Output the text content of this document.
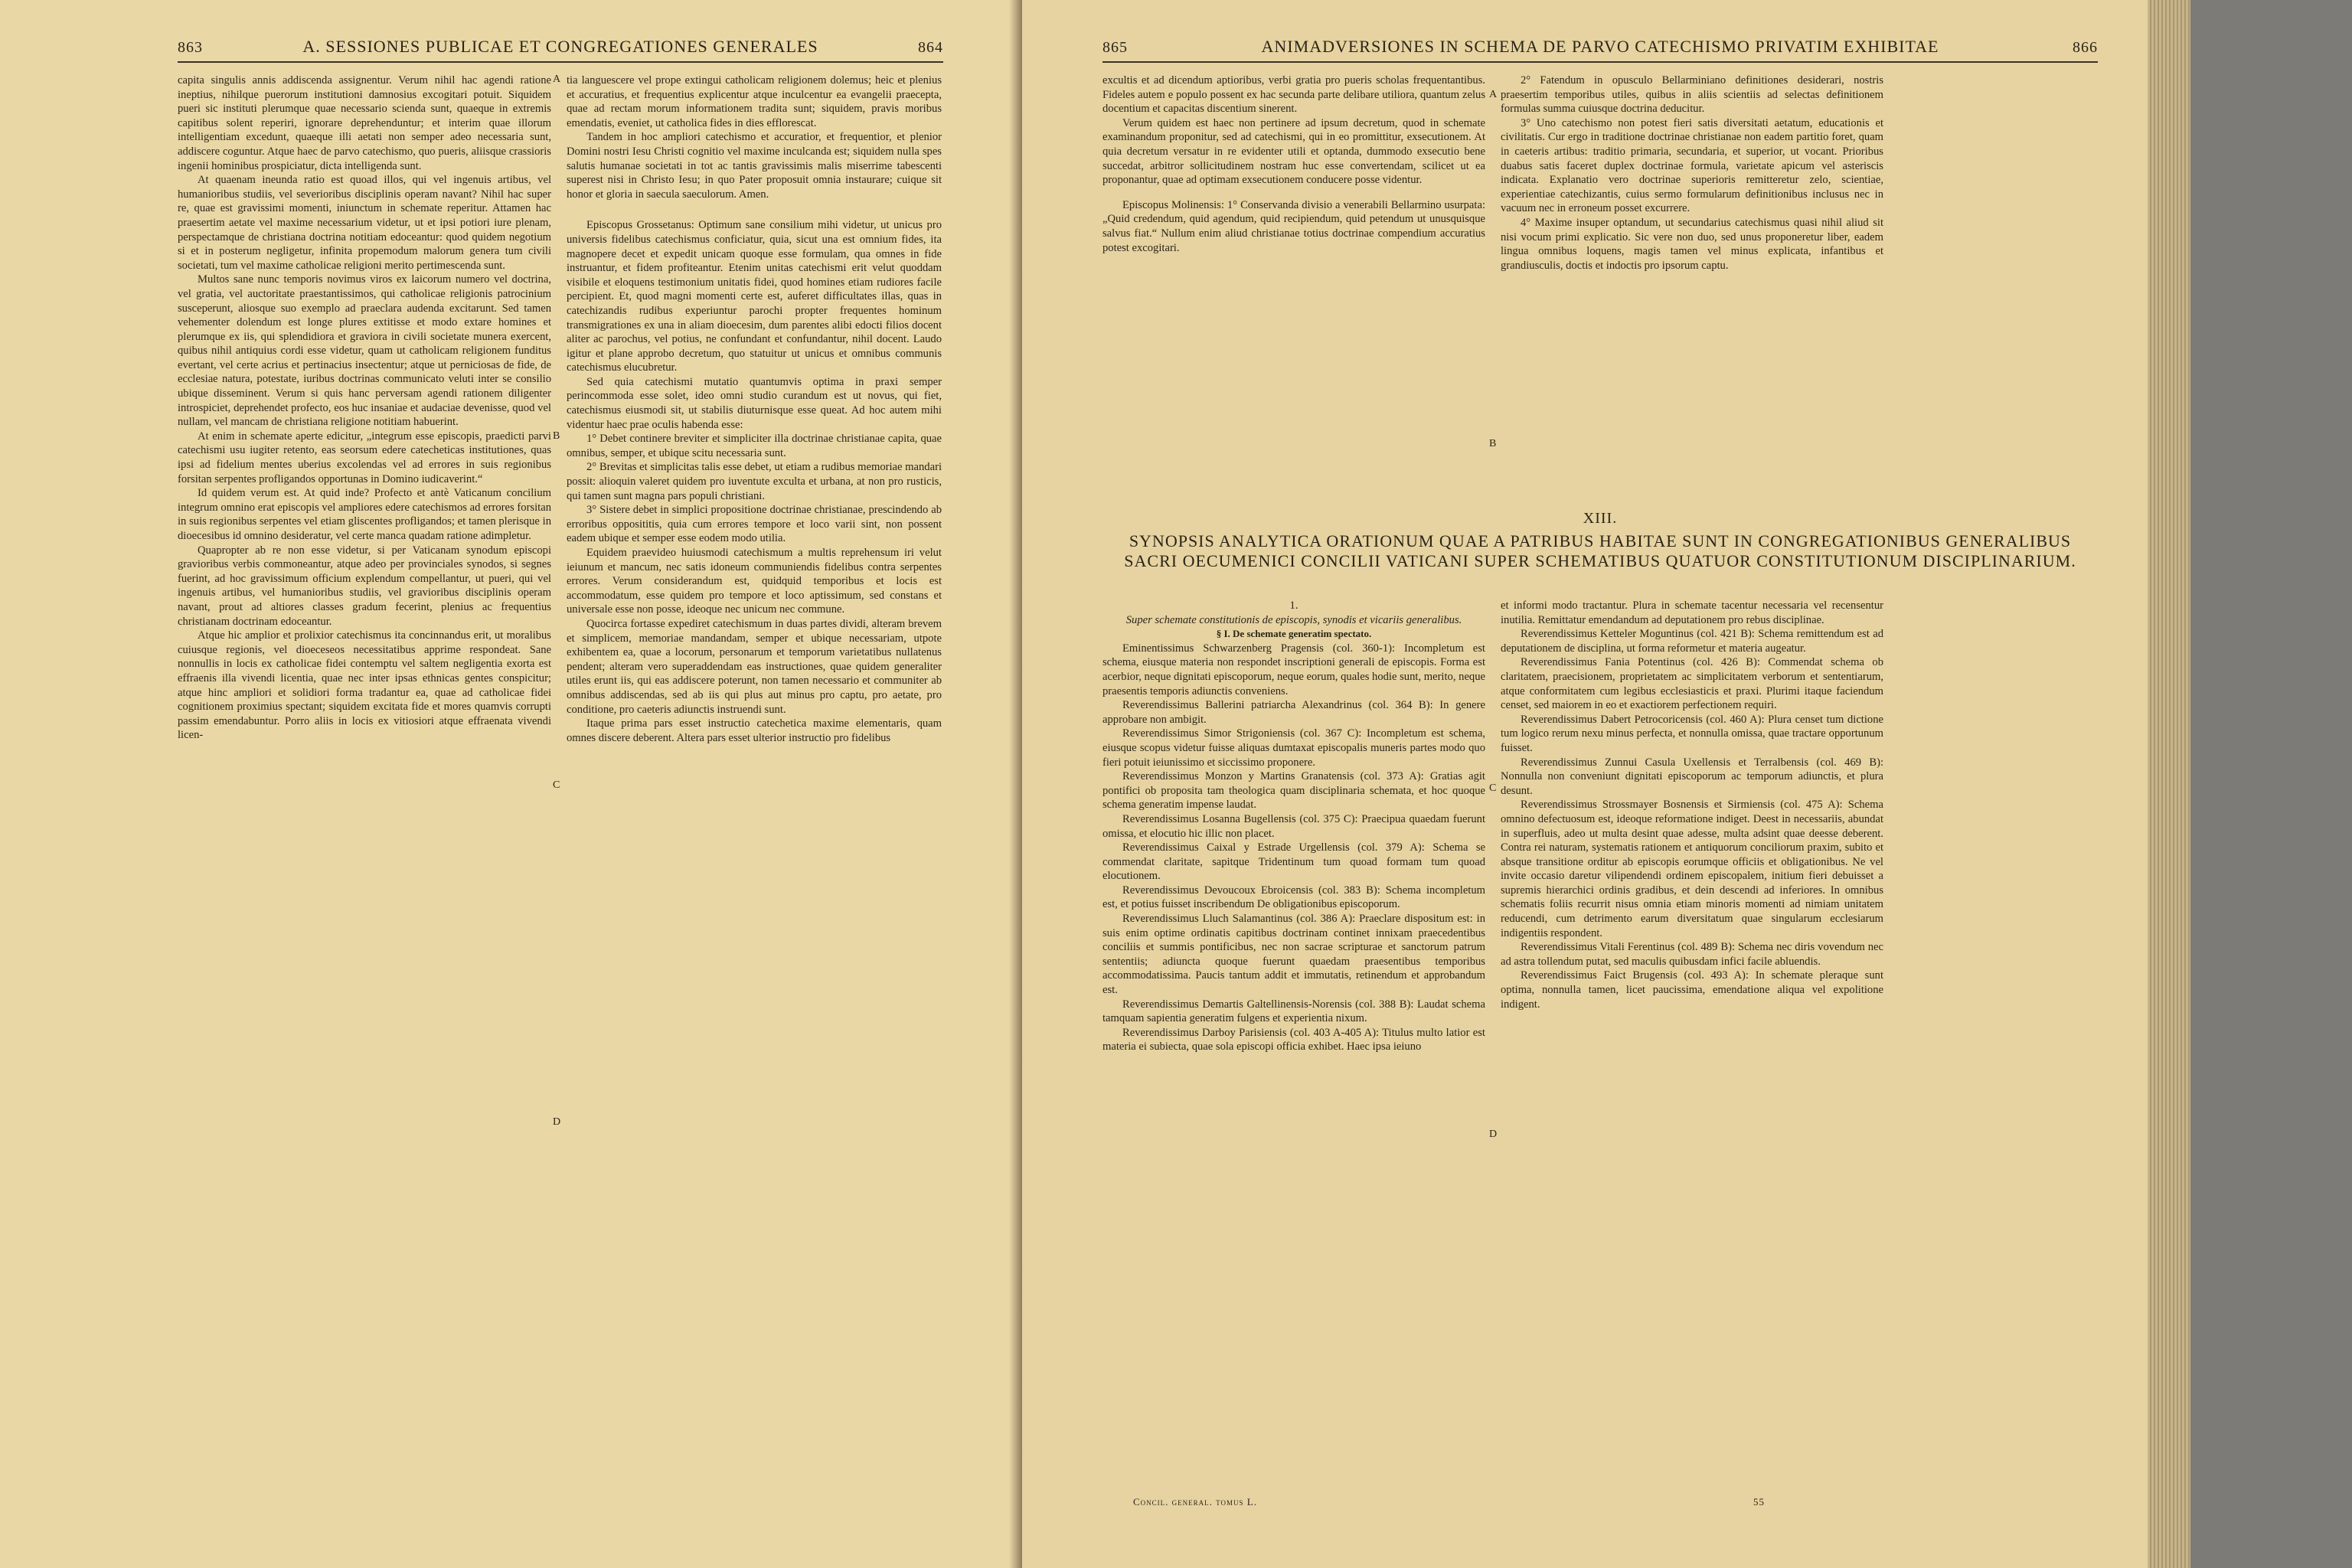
863	A. SESSIONES PUBLICAE ET CONGREGATIONES GENERALES	864

capita singulis annis addiscenda assignentur. Verum nihil hac agendi ratione ineptius, nihilque puerorum institutioni damnosius excogitari potuit. Siquidem pueri sic instituti plerumque quae necessario scienda sunt, quaeque in extremis capitibus solent reperiri, ignorare deprehenduntur; et interim quae illorum intelligentiam excedunt, quaeque illi aetati non semper adeo necessaria sunt, addiscere coguntur. Atque haec de parvo catechismo, quo pueris, aliisque crassioris ingenii hominibus prospiciatur, dicta intelligenda sunt.

At quaenam ineunda ratio est quoad illos, qui vel ingenuis artibus, vel humanioribus studiis, vel severioribus disciplinis operam navant? Nihil hac super re, quae est gravissimi momenti, iniunctum in schemate reperitur. Attamen hac praesertim aetate vel maxime necessarium videtur, ut et ipsi potiori iure plenam, perspectamque de christiana doctrina notitiam edoceantur: quod quidem negotium si et in posterum negligetur, infinita propemodum malorum genera tum civili societati, tum vel maxime catholicae religioni merito pertimescenda sunt.

Multos sane nunc temporis novimus viros ex laicorum numero vel doctrina, vel gratia, vel auctoritate praestantissimos, qui catholicae religionis patrocinium susceperunt, aliosque suo exemplo ad praeclara audenda excitarunt. Sed tamen vehementer dolendum est longe plures extitisse et modo extare homines et plerumque ex iis, qui splendidiora et graviora in civili societate munera exercent, quibus nihil antiquius cordi esse videtur, quam ut catholicam religionem funditus evertant, vel certe acrius et pertinacius insectentur; atque ut perniciosas de fide, de ecclesiae natura, potestate, iuribus doctrinas communicato veluti inter se consilio ubique disseminent. Verum si quis hanc perversam agendi rationem diligenter introspiciet, deprehendet profecto, eos huc insaniae et audaciae devenisse, quod vel nullam, vel mancam de christiana religione notitiam habuerint.

At enim in schemate aperte edicitur, „integrum esse episcopis, praedicti parvi catechismi usu iugiter retento, eas seorsum edere catecheticas institutiones, quas ipsi ad fidelium mentes uberius excolendas vel ad errores in suis regionibus forsitan serpentes profligandos opportunas in Domino iudicaverint.“

Id quidem verum est. At quid inde? Profecto et antè Vaticanum concilium integrum omnino erat episcopis vel ampliores edere catechismos ad errores forsitan in suis regionibus serpentes vel etiam gliscentes profligandos; et tamen plerisque in dioecesibus id omnino desideratur, vel certe manca quadam ratione adimpletur.

Quapropter ab re non esse videtur, si per Vaticanam synodum episcopi gravioribus verbis commoneantur, atque adeo per provinciales synodos, si segnes fuerint, ad hoc gravissimum officium explendum compellantur, ut pueri, qui vel ingenuis artibus, vel humanioribus studiis, vel gravioribus disciplinis operam navant, prout ad altiores classes gradum fecerint, plenius ac frequentius christianam doctrinam edoceantur.

Atque hic amplior et prolixior catechismus ita concinnandus erit, ut moralibus cuiusque regionis, vel dioeceseos necessitatibus apprime respondeat. Sane nonnullis in locis ex catholicae fidei contemptu vel saltem negligentia exorta est effraenis illa vivendi licentia, quae nec inter ipsas ethnicas gentes conspicitur; atque hinc ampliori et solidiori forma tradantur ea, quae ad catholicae fidei cognitionem proximius spectant; siquidem excitata fide et mores quamvis corrupti passim emendabuntur. Porro aliis in locis ex vitiosiori atque effraenata vivendi licen-

A
B
C
D

tia languescere vel prope extingui catholicam religionem dolemus; heic et plenius et accuratius, et frequentius explicentur atque inculcentur ea evangelii praecepta, quae ad rectam morum informationem tradita sunt; siquidem, pravis moribus emendatis, eveniet, ut catholica fides in dies efflorescat.

Tandem in hoc ampliori catechismo et accuratior, et frequentior, et plenior Domini nostri Iesu Christi cognitio vel maxime inculcanda est; siquidem nulla spes salutis humanae societati in tot ac tantis gravissimis malis miserrime tabescenti superest nisi in Christo Iesu; in quo Pater proposuit omnia instaurare; cuique sit honor et gloria in saecula saeculorum. Amen.

Episcopus Grossetanus: Optimum sane consilium mihi videtur, ut unicus pro universis fidelibus catechismus conficiatur, quia, sicut una est omnium fides, ita magnopere decet et expedit unicam quoque esse formulam, qua omnes in fide instruantur, et fidem profiteantur. Etenim unitas catechismi erit velut quoddam visibile et eloquens testimonium unitatis fidei, quod homines etiam rudiores facile percipient. Et, quod magni momenti certe est, auferet difficultates illas, quas in catechizandis rudibus experiuntur parochi propter frequentes hominum transmigrationes ex una in aliam dioecesim, dum parentes alibi edocti filios docent aliter ac parochus, vel potius, ne confundant et confundantur, nihil docent. Laudo igitur et plane approbo decretum, quo statuitur ut unicus et omnibus communis catechismus elucubretur.

Sed quia catechismi mutatio quantumvis optima in praxi semper perincommoda esse solet, ideo omni studio curandum est ut novus, qui fiet, catechismus eiusmodi sit, ut stabilis diuturnisque esse queat. Ad hoc autem mihi videntur haec prae oculis habenda esse:

1° Debet continere breviter et simpliciter illa doctrinae christianae capita, quae omnibus, semper, et ubique scitu necessaria sunt.

2° Brevitas et simplicitas talis esse debet, ut etiam a rudibus memoriae mandari possit: alioquin valeret quidem pro iuventute exculta et urbana, at non pro rusticis, qui tamen sunt magna pars populi christiani.

3° Sistere debet in simplici propositione doctrinae christianae, prescindendo ab erroribus opposititis, quia cum errores tempore et loco varii sint, non possent eadem ubique et semper esse eodem modo utilia.

Equidem praevideo huiusmodi catechismum a multis reprehensum iri velut ieiunum et mancum, nec satis idoneum communiendis fidelibus contra serpentes errores. Verum considerandum est, quidquid temporibus et locis est accommodatum, esse quidem pro tempore et loco aptissimum, sed constans et universale esse non posse, ideoque nec unicum nec commune.

Quocirca fortasse expediret catechismum in duas partes dividi, alteram brevem et simplicem, memoriae mandandam, semper et ubique necessariam, utpote exhibentem ea, quae a locorum, personarum et temporum varietatibus nullatenus pendent; alteram vero superaddendam eas instructiones, quae quidem generaliter utiles erunt iis, qui eas addiscere poterunt, non tamen necessario et communiter ab omnibus addiscendas, sed ab iis qui plus aut minus pro captu, pro aetate, pro conditione, pro caeteris adiunctis instruendi sunt.

Itaque prima pars esset instructio catechetica maxime elementaris, quam omnes discere deberent. Altera pars esset ulterior instructio pro fidelibus

865	ANIMADVERSIONES IN SCHEMA DE PARVO CATECHISMO PRIVATIM EXHIBITAE	866

excultis et ad dicendum aptioribus, verbi gratia pro pueris scholas frequentantibus. Fideles autem e populo possent ex hac secunda parte delibare utiliora, quantum zelus docentium et capacitas discentium sinerent.

Verum quidem est haec non pertinere ad ipsum decretum, quod in schemate examinandum proponitur, sed ad catechismi, qui in eo promittitur, exsecutionem. At quia decretum versatur in re evidenter utili et optanda, dummodo exsecutio bene succedat, arbitror sollicitudinem nostram huc esse convertendam, scilicet ut ea proponantur, quae ad optimam exsecutionem conducere posse videntur.

Episcopus Molinensis: 1° Conservanda divisio a venerabili Bellarmino usurpata: „Quid credendum, quid agendum, quid recipiendum, quid petendum ut unusquisque salvus fiat.“ Nullum enim aliud christianae totius doctrinae compendium accuratius potest excogitari.

A
B
C
D

2° Fatendum in opusculo Bellarminiano definitiones desiderari, nostris praesertim temporibus utiles, quibus in aliis scientiis ad selectas definitionem formulas summa cuiusque doctrina deducitur.

3° Uno catechismo non potest fieri satis diversitati aetatum, educationis et civilitatis. Cur ergo in traditione doctrinae christianae non eadem partitio foret, quam in caeteris artibus: traditio primaria, secundaria, et superior, ut vocant. Prioribus duabus satis faceret duplex doctrinae formula, varietate apicum vel asteriscis indicata. Explanatio vero doctrinae superioris remitteretur zelo, scientiae, experientiae catechizantis, cuius sermo formularum definitionibus inclusus nec in vacuum nec in erroneum posset excurrere.

4° Maxime insuper optandum, ut secundarius catechismus quasi nihil aliud sit nisi vocum primi explicatio. Sic vere non duo, sed unus proponeretur liber, eadem lingua omnibus loquens, magis tamen vel minus explicata, infantibus et grandiusculis, doctis et indoctis pro ipsorum captu.

XIII.
SYNOPSIS ANALYTICA ORATIONUM QUAE A PATRIBUS HABITAE SUNT IN CONGREGATIONIBUS GENERALIBUS SACRI OECUMENICI CONCILII VATICANI SUPER SCHEMATIBUS QUATUOR CONSTITUTIONUM DISCIPLINARIUM.

1.

Super schemate constitutionis de episcopis, synodis et vicariis generalibus.

§ I. De schemate generatim spectato.

Eminentissimus Schwarzenberg Pragensis (col. 360-1): Incompletum est schema, eiusque materia non respondet inscriptioni generali de episcopis. Forma est acerbior, neque dignitati episcoporum, neque eorum, quales hodie sunt, merito, neque praesentis temporis adiunctis conveniens.

Reverendissimus Ballerini patriarcha Alexandrinus (col. 364 B): In genere approbare non ambigit.

Reverendissimus Simor Strigoniensis (col. 367 C): Incompletum est schema, eiusque scopus videtur fuisse aliquas dumtaxat episcopalis muneris partes modo quo fieri potuit ieiunissimo et siccissimo proponere.

Reverendissimus Monzon y Martins Granatensis (col. 373 A): Gratias agit pontifici ob proposita tam theologica quam disciplinaria schemata, et hoc quoque schema generatim impense laudat.

Reverendissimus Losanna Bugellensis (col. 375 C): Praecipua quaedam fuerunt omissa, et elocutio hic illic non placet.

Reverendissimus Caixal y Estrade Urgellensis (col. 379 A): Schema se commendat claritate, sapitque Tridentinum tum quoad formam tum quoad elocutionem.

Reverendissimus Devoucoux Ebroicensis (col. 383 B): Schema incompletum est, et potius fuisset inscribendum De obligationibus episcoporum.

Reverendissimus Lluch Salamantinus (col. 386 A): Praeclare dispositum est: in suis enim optime ordinatis capitibus doctrinam continet innixam praecedentibus conciliis et summis pontificibus, nec non sacrae scripturae et sanctorum patrum sententiis; adiuncta quoque fuerunt quaedam praesentibus temporibus accommodatissima. Paucis tantum addit et immutatis, retinendum et approbandum est.

Reverendissimus Demartis Galtellinensis-Norensis (col. 388 B): Laudat schema tamquam sapientia generatim fulgens et experientia nixum.

Reverendissimus Darboy Parisiensis (col. 403 A-405 A): Titulus multo latior est materia ei subiecta, quae sola episcopi officia exhibet. Haec ipsa ieiuno

et informi modo tractantur. Plura in schemate tacentur necessaria vel recensentur inutilia. Remittatur emendandum ad deputationem pro rebus disciplinae.

Reverendissimus Ketteler Moguntinus (col. 421 B): Schema remittendum est ad deputationem de disciplina, ut forma reformetur et materia augeatur.

Reverendissimus Fania Potentinus (col. 426 B): Commendat schema ob claritatem, praecisionem, proprietatem ac simplicitatem verborum et sententiarum, atque conformitatem cum legibus ecclesiasticis et praxi. Plurimi itaque faciendum censet, sed maiorem in eo et exactiorem perfectionem requiri.

Reverendissimus Dabert Petrocoricensis (col. 460 A): Plura censet tum dictione tum logico rerum nexu minus perfecta, et nonnulla omissa, quae tractare opportunum fuisset.

Reverendissimus Zunnui Casula Uxellensis et Terralbensis (col. 469 B): Nonnulla non conveniunt dignitati episcoporum ac temporum adiunctis, et plura desunt.

Reverendissimus Strossmayer Bosnensis et Sirmiensis (col. 475 A): Schema omnino defectuosum est, ideoque reformatione indiget. Deest in necessariis, abundat in superfluis, adeo ut multa desint quae adesse, multa adsint quae deesse deberent. Contra rei naturam, systematis rationem et antiquorum conciliorum praxim, subito et absque transitione orditur ab episcopis eorumque officiis et obligationibus. Ne vel invite occasio daretur vilipendendi ordinem episcopalem, initium fieri debuisset a supremis hierarchici ordinis gradibus, et dein descendi ad inferiores. In omnibus schematis foliis recurrit nisus omnia etiam minoris momenti ad nimiam unitatem reducendi, cum detrimento earum diversitatum quae singularum ecclesiarum indigentiis respondent.

Reverendissimus Vitali Ferentinus (col. 489 B): Schema nec diris vovendum nec ad astra tollendum putat, sed maculis quibusdam infici facile abluendis.

Reverendissimus Faict Brugensis (col. 493 A): In schemate pleraque sunt optima, nonnulla tamen, licet paucissima, emendatione aliqua vel expolitione indigent.

Concil. general. tomus L.	55
